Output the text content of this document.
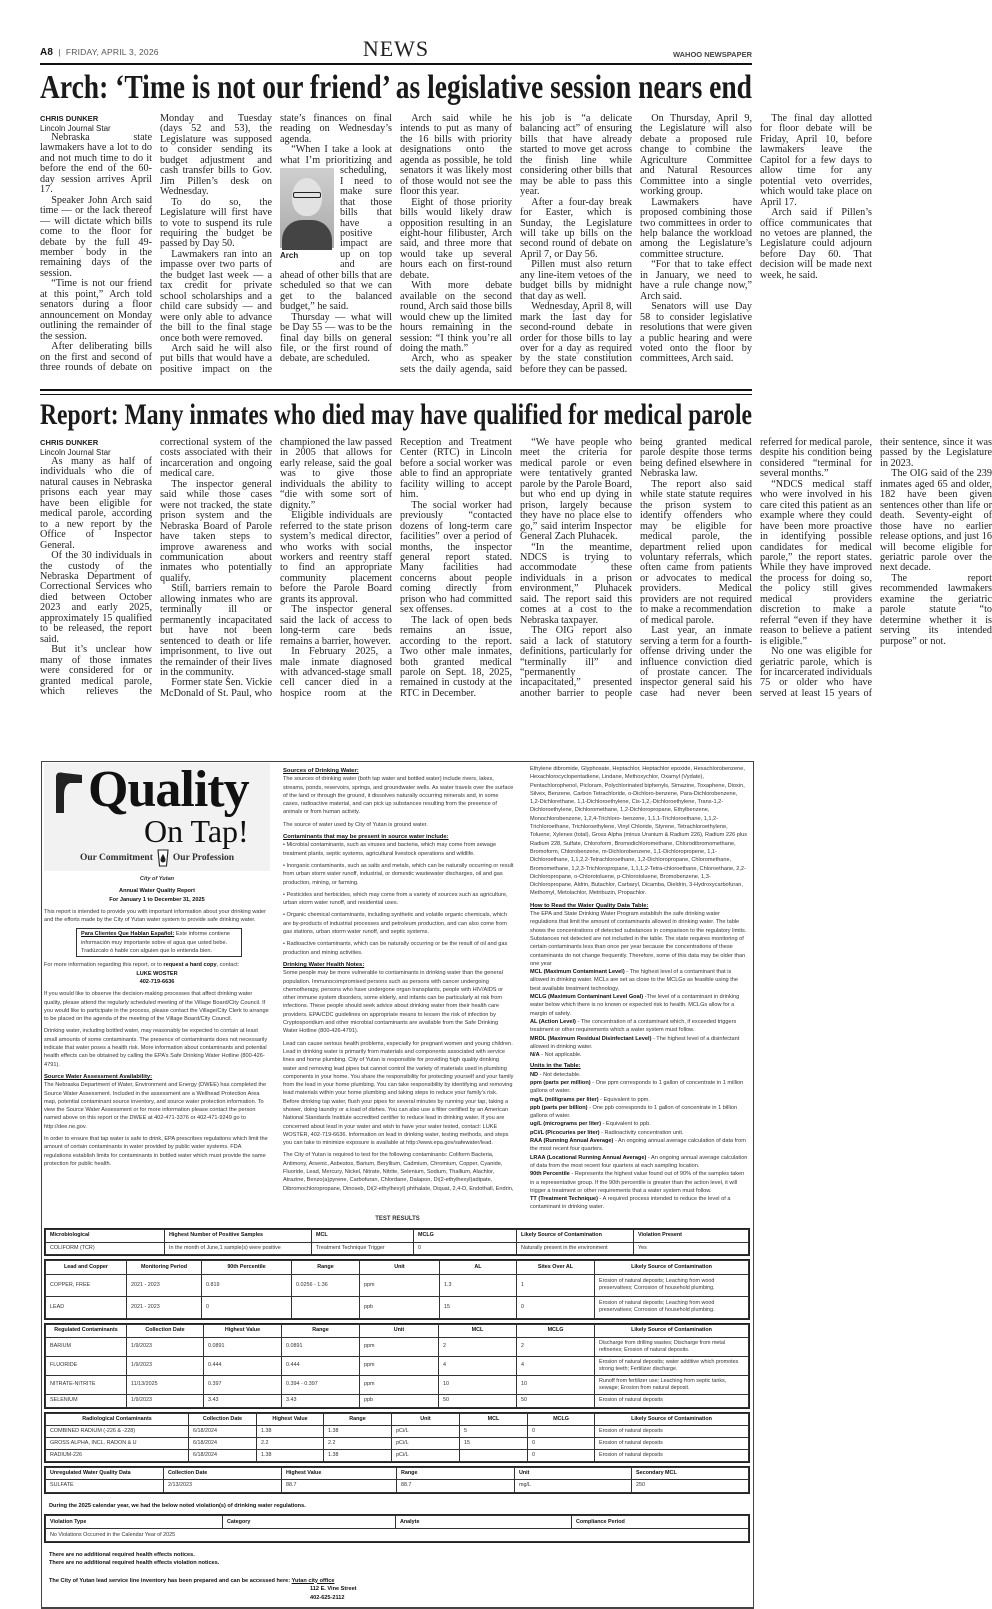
A8  |  FRIDAY, APRIL 3, 2026	NEWS	WAHOO NEWSPAPER
Arch: ‘Time is not our friend’ as legislative session nears end

CHRIS DUNKER
Lincoln Journal Star

Nebraska state lawmakers have a lot to do and not much time to do it before the end of the 60-day session arrives April 17.

Speaker John Arch said time — or the lack thereof — will dictate which bills come to the floor for debate by the full 49-member body in the remaining days of the session.

“Time is not our friend at this point,” Arch told senators during a floor announcement on Monday outlining the remainder of the session.

After deliberating bills on the first and second of three rounds of debate on Monday and Tuesday (days 52 and 53), the Legislature was supposed to consider sending its budget adjustment and cash transfer bills to Gov. Jim Pillen’s desk on Wednesday.

To do so, the Legislature will first have to vote to suspend its rule requiring the budget be passed by Day 50.

Lawmakers ran into an impasse over two parts of the budget last week — a tax credit for private school scholarships and a child care subsidy — and were only able to advance the bill to the final stage once both were removed.

Arch said he will also put bills that would have a positive impact on the state’s finances on final reading on Wednesday’s agenda.

“When I take a look at what I’m prioritizing and
Arch
scheduling, I need to make sure that those bills that have a positive impact are up on top and are ahead of other bills that are scheduled so that we can get to the balanced budget,” he said.

Thursday — what will be Day 55 — was to be the final day bills on general file, or the first round of debate, are scheduled.

Arch said while he intends to put as many of the 16 bills with priority designations onto the agenda as possible, he told senators it was likely most of those would not see the floor this year.

Eight of those priority bills would likely draw opposition resulting in an eight-hour filibuster, Arch said, and three more that would take up several hours each on first-round debate.

With more debate available on the second round, Arch said those bills would chew up the limited hours remaining in the session: “I think you’re all doing the math.”

Arch, who as speaker sets the daily agenda, said his job is “a delicate balancing act” of ensuring bills that have already started to move get across the finish line while considering other bills that may be able to pass this year.

After a four-day break for Easter, which is Sunday, the Legislature will take up bills on the second round of debate on April 7, or Day 56.

Pillen must also return any line-item vetoes of the budget bills by midnight that day as well.

Wednesday, April 8, will mark the last day for second-round debate in order for those bills to lay over for a day as required by the state constitution before they can be passed.

On Thursday, April 9, the Legislature will also debate a proposed rule change to combine the Agriculture Committee and Natural Resources Committee into a single working group.

Lawmakers have proposed combining those two committees in order to help balance the workload among the Legislature’s committee structure.

“For that to take effect in January, we need to have a rule change now,” Arch said.

Senators will use Day 58 to consider legislative resolutions that were given a public hearing and were voted onto the floor by committees, Arch said.

The final day allotted for floor debate will be Friday, April 10, before lawmakers leave the Capitol for a few days to allow time for any potential veto overrides, which would take place on April 17.

Arch said if Pillen’s office communicates that no vetoes are planned, the Legislature could adjourn before Day 60. That decision will be made next week, he said.

Report: Many inmates who died may have qualified for medical parole

CHRIS DUNKER
Lincoln Journal Star

As many as half of individuals who die of natural causes in Nebraska prisons each year may have been eligible for medical parole, according to a new report by the Office of Inspector General.

Of the 30 individuals in the custody of the Nebraska Department of Correctional Services who died between October 2023 and early 2025, approximately 15 qualified to be released, the report said.

But it’s unclear how many of those inmates were considered for or granted medical parole, which relieves the correctional system of the costs associated with their incarceration and ongoing medical care.

The inspector general said while those cases were not tracked, the state prison system and the Nebraska Board of Parole have taken steps to improve awareness and communication about inmates who potentially qualify.

Still, barriers remain to allowing inmates who are terminally ill or permanently incapacitated but have not been sentenced to death or life imprisonment, to live out the remainder of their lives in the community.

Former state Sen. Vickie McDonald of St. Paul, who championed the law passed in 2005 that allows for early release, said the goal was to give those individuals the ability to “die with some sort of dignity.”

Eligible individuals are referred to the state prison system’s medical director, who works with social workers and reentry staff to find an appropriate community placement before the Parole Board grants its approval.

The inspector general said the lack of access to long-term care beds remains a barrier, however.

In February 2025, a male inmate diagnosed with advanced-stage small cell cancer died in a hospice room at the Reception and Treatment Center (RTC) in Lincoln before a social worker was able to find an appropriate facility willing to accept him.

The social worker had previously “contacted dozens of long-term care facilities” over a period of months, the inspector general report stated. Many facilities had concerns about people coming directly from prison who had committed sex offenses.

The lack of open beds remains an issue, according to the report. Two other male inmates, both granted medical parole on Sept. 18, 2025, remained in custody at the RTC in December.

“We have people who meet the criteria for medical parole or even were tentatively granted parole by the Parole Board, but who end up dying in prison, largely because they have no place else to go,” said interim Inspector General Zach Pluhacek.

“In the meantime, NDCS is trying to accommodate these individuals in a prison environment,” Pluhacek said. The report said this comes at a cost to the Nebraska taxpayer.

The OIG report also said a lack of statutory definitions, particularly for “terminally ill” and “permanently incapacitated,” presented another barrier to people being granted medical parole despite those terms being defined elsewhere in Nebraska law.

The report also said while state statute requires the prison system to identify offenders who may be eligible for medical parole, the department relied upon voluntary referrals, which often came from patients or advocates to medical providers. Medical providers are not required to make a recommendation of medical parole.

Last year, an inmate serving a term for a fourth-offense driving under the influence conviction died of prostate cancer. The inspector general said his case had never been referred for medical parole, despite his condition being considered “terminal for several months.”

“NDCS medical staff who were involved in his care cited this patient as an example where they could have been more proactive in identifying possible candidates for medical parole,” the report states. While they have improved the process for doing so, the policy still gives medical providers discretion to make a referral “even if they have reason to believe a patient is eligible.”

No one was eligible for geriatric parole, which is for incarcerated individuals 75 or older who have served at least 15 years of their sentence, since it was passed by the Legislature in 2023.

The OIG said of the 239 inmates aged 65 and older, 182 have been given sentences other than life or death. Seventy-eight of those have no earlier release options, and just 16 will become eligible for geriatric parole over the next decade.

The report recommended lawmakers examine the geriatric parole statute “to determine whether it is serving its intended purpose” or not.

Quality
On Tap!
Our Commitment Our Profession

City of Yutan

Annual Water Quality Report

For January 1 to December 31, 2025

This report is intended to provide you with important information about your drinking water and the efforts made by the City of Yutan water system to provide safe drinking water.

Para Clientes Que Hablan Español: Este informe contiene información muy importante sobre el agua que usted bebe. Tradúzcalo ó hable con alguien que lo entienda bien.
For more information regarding this report, or to request a hard copy, contact:
LUKE WOSTER

402-719-6636

If you would like to observe the decision-making processes that affect drinking water quality, please attend the regularly scheduled meeting of the Village Board/City Council. If you would like to participate in the process, please contact the Village/City Clerk to arrange to be placed on the agenda of the meeting of the Village Board/City Council.

Drinking water, including bottled water, may reasonably be expected to contain at least small amounts of some contaminants. The presence of contaminants does not necessarily indicate that water poses a health risk. More information about contaminants and potential health effects can be obtained by calling the EPA’s Safe Drinking Water Hotline (800-426-4791).

Source Water Assessment Availability:

The Nebraska Department of Water, Environment and Energy (DWEE) has completed the Source Water Assessment. Included in the assessment are a Wellhead Protection Area map, potential contaminant source inventory, and source water protection information. To view the Source Water Assessment or for more information please contact the person named above on this report or the DWEE at 402-471-3376 or 402-471-9249 go to http://dee.ne.gov.

In order to ensure that tap water is safe to drink, EPA prescribes regulations which limit the amount of certain contaminants in water provided by public water systems. FDA regulations establish limits for contaminants in bottled water which must provide the same protection for public health.

Sources of Drinking Water:

The sources of drinking water (both tap water and bottled water) include rivers, lakes, streams, ponds, reservoirs, springs, and groundwater wells. As water travels over the surface of the land or through the ground, it dissolves naturally occurring minerals and, in some cases, radioactive material, and can pick up substances resulting from the presence of animals or from human activity.

The source of water used by City of Yutan is ground water.

Contaminants that may be present in source water include:

• Microbial contaminants, such as viruses and bacteria, which may come from sewage treatment plants, septic systems, agricultural livestock operations and wildlife.

• Inorganic contaminants, such as salts and metals, which can be naturally occurring or result from urban storm water runoff, industrial, or domestic wastewater discharges, oil and gas production, mining, or farming.

• Pesticides and herbicides, which may come from a variety of sources such as agriculture, urban storm water runoff, and residential uses.

• Organic chemical contaminants, including synthetic and volatile organic chemicals, which are by-products of industrial processes and petroleum production, and can also come from gas stations, urban storm water runoff, and septic systems.

• Radioactive contaminants, which can be naturally occurring or be the result of oil and gas production and mining activities.

Drinking Water Health Notes:

Some people may be more vulnerable to contaminants in drinking water than the general population. Immunocompromised persons such as persons with cancer undergoing chemotherapy, persons who have undergone organ transplants, people with HIV/AIDS or other immune system disorders, some elderly, and infants can be particularly at risk from infections. These people should seek advice about drinking water from their health care providers. EPA/CDC guidelines on appropriate means to lessen the risk of infection by Cryptosporidium and other microbial contaminants are available from the Safe Drinking Water Hotline (800-426-4791).

Lead can cause serious health problems, especially for pregnant women and young children. Lead in drinking water is primarily from materials and components associated with service lines and home plumbing. City of Yutan is responsible for providing high quality drinking water and removing lead pipes but cannot control the variety of materials used in plumbing components in your home. You share the responsibility for protecting yourself and your family from the lead in your home plumbing. You can take responsibility by identifying and removing lead materials within your home plumbing and taking steps to reduce your family’s risk. Before drinking tap water, flush your pipes for several minutes by running your tap, taking a shower, doing laundry or a load of dishes. You can also use a filter certified by an American National Standards Institute accredited certifier to reduce lead in drinking water. If you are concerned about lead in your water and wish to have your water tested, contact: LUKE WOSTER, 402-719-6636. Information on lead in drinking water, testing methods, and steps you can take to minimize exposure is available at http://www.epa.gov/safewater/lead.

The City of Yutan is required to test for the following contaminants: Coliform Bacteria, Antimony, Arsenic, Asbestos, Barium, Beryllium, Cadmium, Chromium, Copper, Cyanide, Fluoride, Lead, Mercury, Nickel, Nitrate, Nitrite, Selenium, Sodium, Thallium, Alachlor, Atrazine, Benzo(a)pyrene, Carbofuran, Chlordane, Dalapon, Di(2-ethylhexyl)adipate, Dibromochloropropane, Dinoseb, Di(2-ethylhexyl) phthalate, Diquat, 2,4-D, Endothall, Endrin,

Ethylene dibromide, Glyphosate, Heptachlor, Heptachlor epoxide, Hexachlorobenzene, Hexachlorocyclopentadiene, Lindane, Methoxychlor, Oxamyl (Vydate), Pentachlorophenol, Picloram, Polychlorinated biphenyls, Simazine, Toxaphene, Dioxin, Silvex, Benzene, Carbon Tetrachloride, o-Dichloro-benzene, Para-Dichlorobenzene, 1,2-Dichlorethane, 1,1-Dichloroethylene, Cis-1,2,-Dichloroethylene, Trans-1,2-Dichloroethylene, Dichloromethane, 1,2-Dichloropropane, Ethylbenzene, Monochlorobenzene, 1,2,4-Trichloro- benzene, 1,1,1-Trichloroethane, 1,1,2-Trichloroethane, Trichloroethylene, Vinyl Chloride, Styrene, Tetrachloroethylene, Toluene, Xylenes (total), Gross Alpha (minus Uranium & Radium 226), Radium 226 plus Radium 228, Sulfate, Chloroform, Bromodichloromethane, Chlorodibromomethane, Bromoform, Chlorobenzene, m-Dichlorobenzene, 1,1-Dichloropropene, 1,1-Dichloroethane, 1,1,2,2-Tetrachloroethane, 1,2-Dichloropropane, Chloromethane, Bromomethane, 1,2,3-Trichloropropane, 1,1,1,2-Tetra-chloroethane, Chloroethane, 2,2-Dichloropropane, o-Chlorotoluene, p-Chlorotoluene, Bromobenzene, 1,3-Dichloropropane, Aldrin, Butachlor, Carbaryl, Dicamba, Dieldrin, 3-Hydroxycarbofuran, Methomyl, Metolachlor, Metribuzin, Propachlor.

How to Read the Water Quality Data Table:
The EPA and State Drinking Water Program establish the safe drinking water regulations that limit the amount of contaminants allowed in drinking water. The table shows the concentrations of detected substances in comparison to the regulatory limits. Substances not detected are not included in the table. The state requires monitoring of certain contaminants less than once per year because the concentrations of these contaminants do not change frequently. Therefore, some of this data may be older than one year
MCL (Maximum Contaminant Level) - The highest level of a contaminant that is allowed in drinking water. MCLs are set as close to the MCLGs as feasible using the best available treatment technology.
MCLG (Maximum Contaminant Level Goal) -The level of a contaminant in drinking water below which there is no known or expected risk to health. MCLGs allow for a margin of safety.
AL (Action Level) - The concentration of a contaminant which, if exceeded triggers treatment or other requirements which a water system must follow.
MRDL (Maximum Residual Disinfectant Level) - The highest level of a disinfectant allowed in drinking water.
N/A - Not applicable.
Units in the Table:
ND - Not detectable.
ppm (parts per million) - One ppm corresponds to 1 gallon of concentrate in 1 million gallons of water.
mg/L (milligrams per liter) - Equivalent to ppm.
ppb (parts per billion) - One ppb corresponds to 1 gallon of concentrate in 1 billion gallons of water.
ug/L (micrograms per liter) - Equivalent to ppb.
pCi/L (Picocuries per liter) - Radioactivity concentration unit.
RAA (Running Annual Average) - An ongoing annual average calculation of data from the most recent four quarters.
LRAA (Locational Running Annual Average) - An ongoing annual average calculation of data from the most recent four quarters at each sampling location.
90th Percentile - Represents the highest value found out of 90% of the samples taken in a representative group. If the 90th percentile is greater than the action level, it will trigger a treatment or other requirements that a water system must follow.
TT (Treatment Technique) - A required process intended to reduce the level of a contaminant in drinking water.
TEST RESULTS
Microbiological	Highest Number of Positive Samples	MCL	MCLG	Likely Source of Contamination	Violation Present
COLIFORM (TCR)	In the month of June,1 sample(s) were positive	Treatment Technique Trigger	0	Naturally present in the environment	Yes
Lead and Copper	Monitoring Period	90th Percentile	Range	Unit	AL	Sites Over AL	Likely Source of Contamination
COPPER, FREE	2021 - 2023	0.819	0.0256 - 1.36	ppm	1.3	1	Erosion of natural deposits; Leaching from wood preservatives; Corrosion of household plumbing.
LEAD	2021 - 2023	0		ppb	15	0	Erosion of natural deposits; Leaching from wood preservatives; Corrosion of household plumbing.
Regulated Contaminants	Collection Date	Highest Value	Range	Unit	MCL	MCLG	Likely Source of Contamination
BARIUM	1/9/2023	0.0891	0.0891	ppm	2	2	Discharge from drilling wastes; Discharge from metal refineries; Erosion of natural deposits.
FLUORIDE	1/9/2023	0.444	0.444	ppm	4	4	Erosion of natural deposits; water additive which promotes strong teeth; Fertilizer discharge.
NITRATE-NITRITE	11/13/2025	0.397	0.394 - 0.397	ppm	10	10	Runoff from fertilizer use; Leaching from septic tanks, sewage; Erosion from natural deposit.
SELENIUM	1/9/2023	3.43	3.43	ppb	50	50	Erosion of natural deposits
Radiological Contaminants	Collection Date	Highest Value	Range	Unit	MCL	MCLG	Likely Source of Contamination
COMBINED RADIUM (-226 & -228)	6/18/2024	1.38	1.38	pCi/L	5	0	Erosion of natural deposits
GROSS ALPHA, INCL. RADON & U	6/18/2024	2.2	2.2	pCi/L	15	0	Erosion of natural deposits
RADIUM-226	6/18/2024	1.38	1.38	pCi/L		0	Erosion of natural deposits
Unregulated Water Quality Data	Collection Date	Highest Value	Range	Unit	Secondary MCL
SULFATE	2/13/2023	88.7	88.7	mg/L	250
During the 2025 calendar year, we had the below noted violation(s) of drinking water regulations.
Violation Type	Category	Analyte	Compliance Period
No Violations Occurred in the Calendar Year of 2025
There are no additional required health effects notices.
There are no additional required health effects violation notices.
The City of Yutan lead service line inventory has been prepared and can be accessed here: Yutan city office
112 E. Vine Street
402-625-2112
